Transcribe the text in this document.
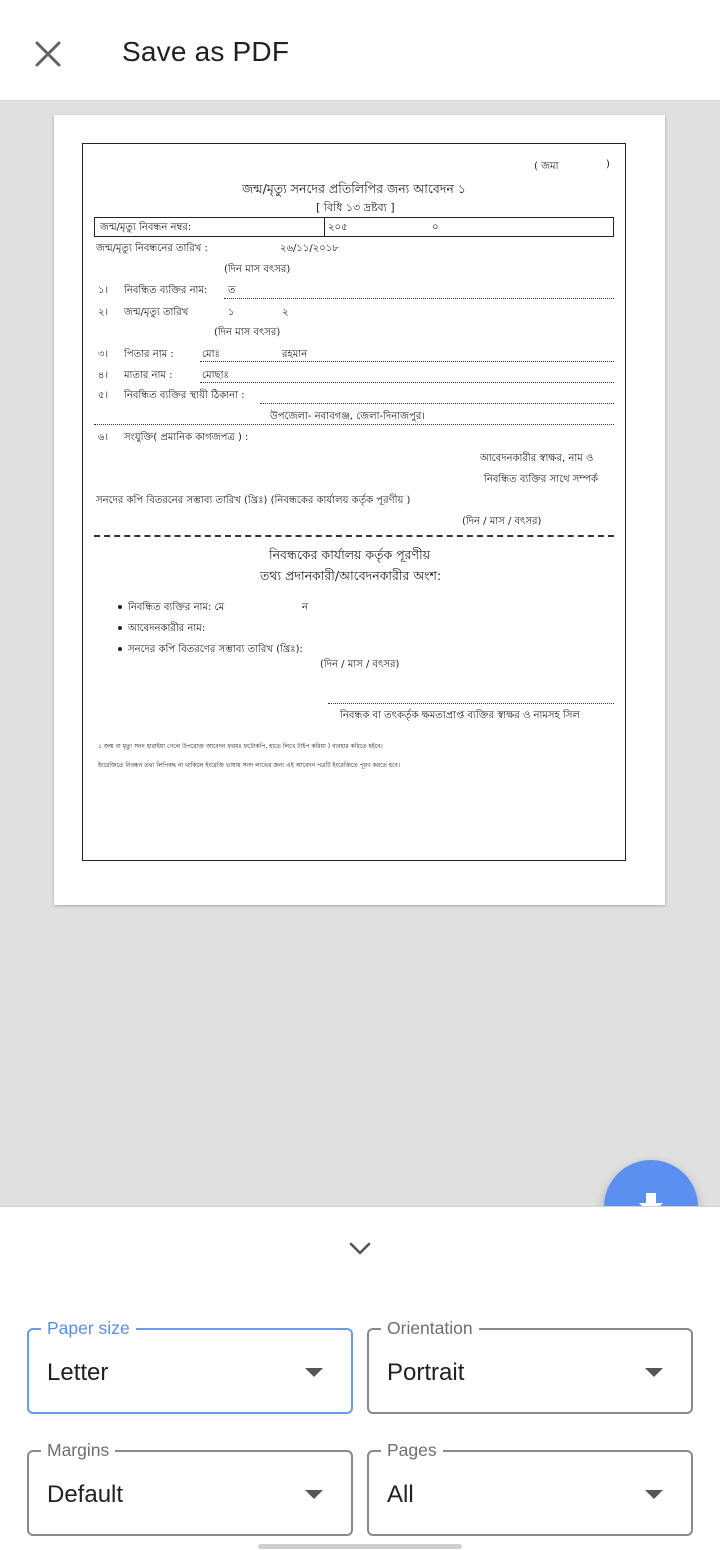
Save as PDF
( জমা	)
জন্ম/মৃত্যু সনদের প্রতিলিপির জন্য আবেদন ১
[ বিধি ১৩ দ্রষ্টব্য ]
জন্ম/মৃত্যু নিবন্ধন নম্বর:	২০৫	০
জন্ম/মৃত্যু নিবন্ধনের তারিখ :	২৬/১১/২০১৮
(দিন মাস বৎসর)
১। নিবন্ধিত ব্যক্তির নাম: ত
২। জন্ম/মৃত্যু তারিখ	১	২
(দিন মাস বৎসর)
৩। পিতার নাম :	মোঃ	রহমান
৪। মাতার নাম :	মোছাঃ
৫। নিবন্ধিত ব্যক্তির স্থায়ী ঠিকানা :
উপজেলা- নবাবগঞ্জ, জেলা-দিনাজপুর।
৬। সংযুক্তি( প্রমানিক কাগজপত্র ) :
আবেদনকারীর স্বাক্ষর, নাম ও
নিবন্ধিত ব্যক্তির সাথে সম্পর্ক
সনদের কপি বিতরনের সম্ভাব্য তারিখ (খ্রিঃ) (নিবন্ধকের কার্যালয় কর্তৃক পূরণীয় )
(দিন / মাস / বৎসর)
নিবন্ধকের কার্যালয় কর্তৃক পূরণীয়
তথ্য প্রদানকারী/আবেদনকারীর অংশ:
নিবন্ধিত ব্যক্তির নাম: মে	ন
আবেদনকারীর নাম:
সনদের কপি বিতরণের সম্ভাব্য তারিখ (খ্রিঃ):
(দিন / মাস / বৎসর)
নিবন্ধক বা তৎকর্তৃক ক্ষমতাপ্রাপ্ত ব্যক্তির স্বাক্ষর ও নামসহ সিল
১ জন্ম বা মৃত্যু সনদ হারাইয়া গেলে উপরোক্ত আবেদন ফরমঃ ফটোকপি, হাতে লিখে টাইপ করিয়া ) ব্যবহার করিতে হইবে।
ইংরেজিতে নিবন্ধন তথ্য লিপিবদ্ধ না থাকিলে ইংরেজি ভাষায় সনদ লাভের জন্য এই আবেদন পত্রটি ইংরেজিতে পূরণ করতে হবে।
Paper size
Letter
Orientation
Portrait
Margins
Default
Pages
All
